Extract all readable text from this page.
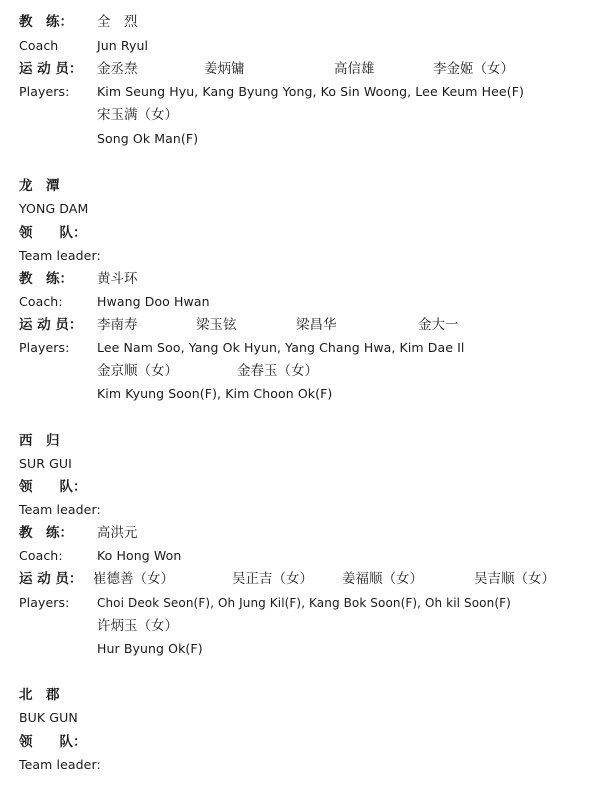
教　练： 全　烈
Coach	Jun Ryul
运 动 员： 金丞焘	姜炳镛	高信雄	李金姬（女）
Players: Kim Seung Hyu, Kang Byung Yong, Ko Sin Woong, Lee Keum Hee(F)
宋玉满（女）
Song Ok Man(F)
龙　潭
YONG DAM
领　　队：
Team leader:
教　练： 黄斗环
Coach:	Hwang Doo Hwan
运 动 员： 李南寿	梁玉铉	梁昌华	金大一
Players: Lee Nam Soo, Yang Ok Hyun, Yang Chang Hwa, Kim Dae Il
金京顺（女）	金春玉（女）
Kim Kyung Soon(F), Kim Choon Ok(F)
西　归
SUR GUI
领　　队：
Team leader:
教　练： 高洪元
Coach:	Ko Hong Won
运 动 员： 崔德善（女）	吴正吉（女） 姜福顺（女）	吴吉顺（女）
Players: Choi Deok Seon(F), Oh Jung Kil(F), Kang Bok Soon(F), Oh kil Soon(F)
许炳玉（女）
Hur Byung Ok(F)
北　郡
BUK GUN
领　　队：
Team leader:
